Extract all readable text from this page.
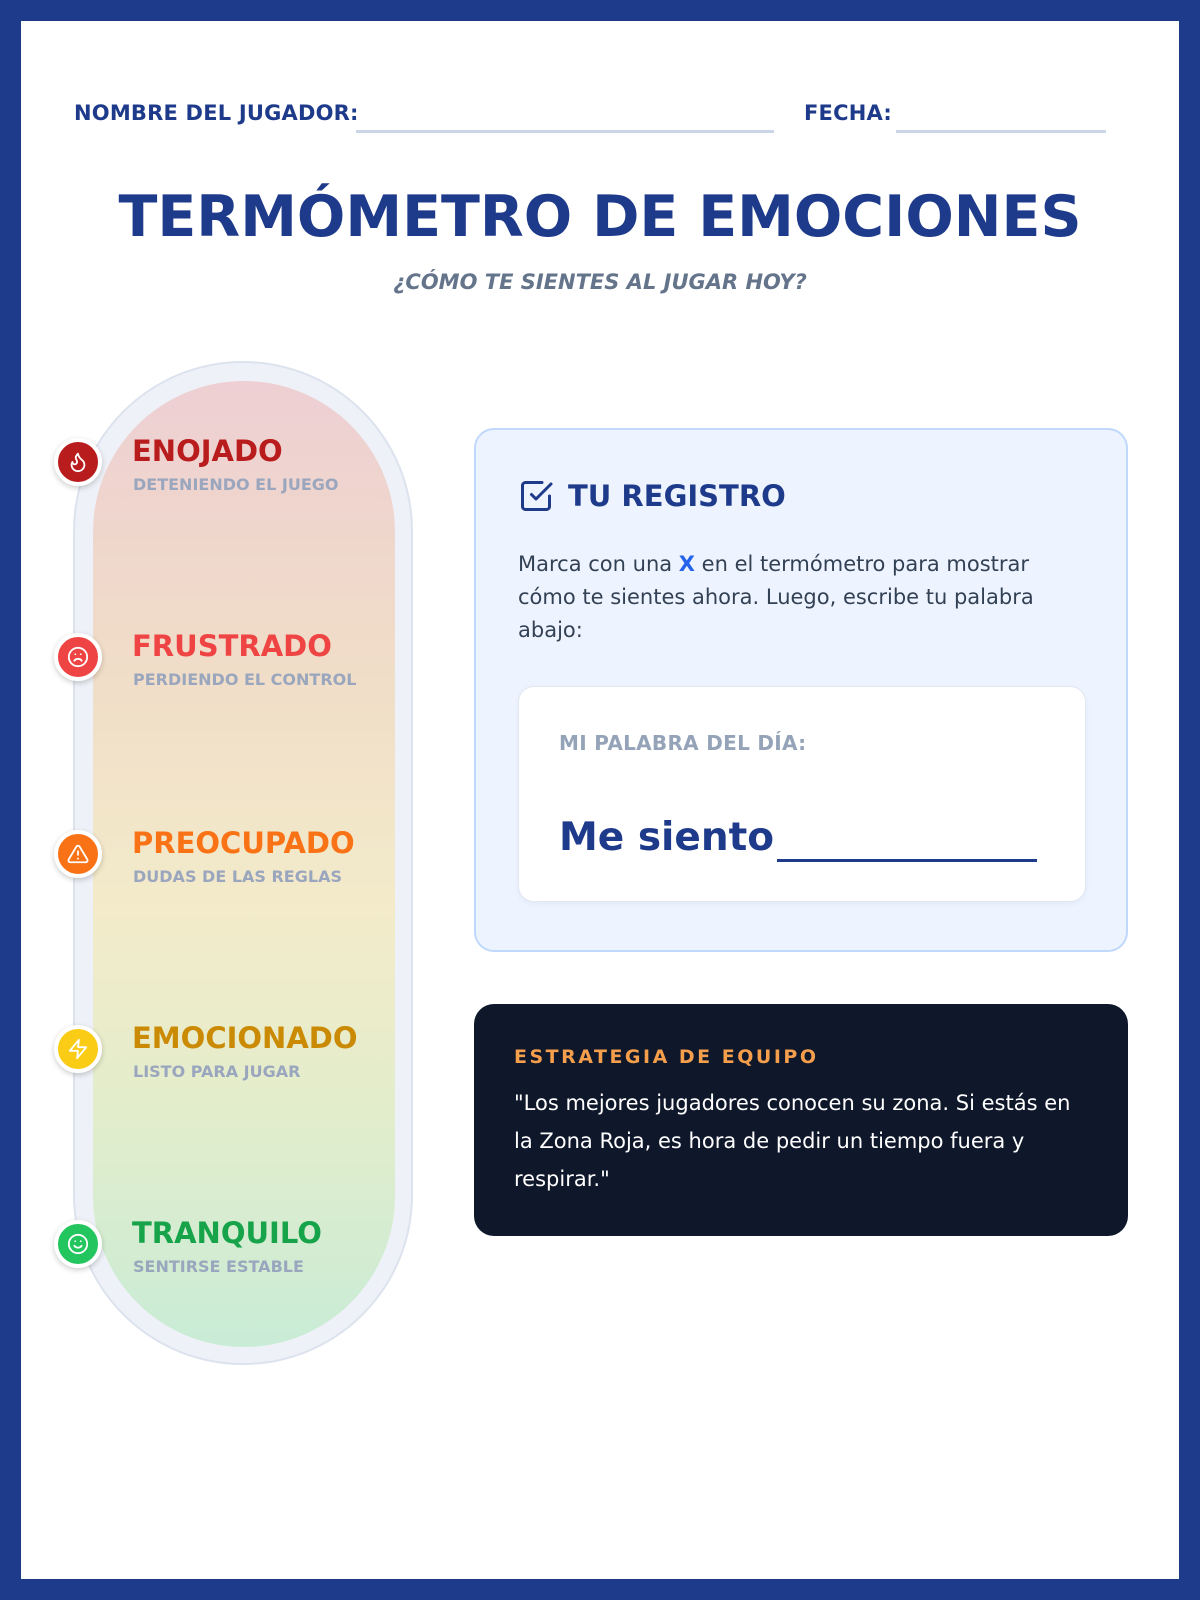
NOMBRE DEL JUGADOR:	FECHA:
TERMÓMETRO DE EMOCIONES
¿CÓMO TE SIENTES AL JUGAR HOY?
ENOJADO
DETENIENDO EL JUEGO
FRUSTRADO
PERDIENDO EL CONTROL
PREOCUPADO
DUDAS DE LAS REGLAS
EMOCIONADO
LISTO PARA JUGAR
TRANQUILO
SENTIRSE ESTABLE
TU REGISTRO
Marca con una X en el termómetro para mostrar cómo te sientes ahora. Luego, escribe tu palabra abajo:
MI PALABRA DEL DÍA:
Me siento
ESTRATEGIA DE EQUIPO
"Los mejores jugadores conocen su zona. Si estás en la Zona Roja, es hora de pedir un tiempo fuera y respirar."
